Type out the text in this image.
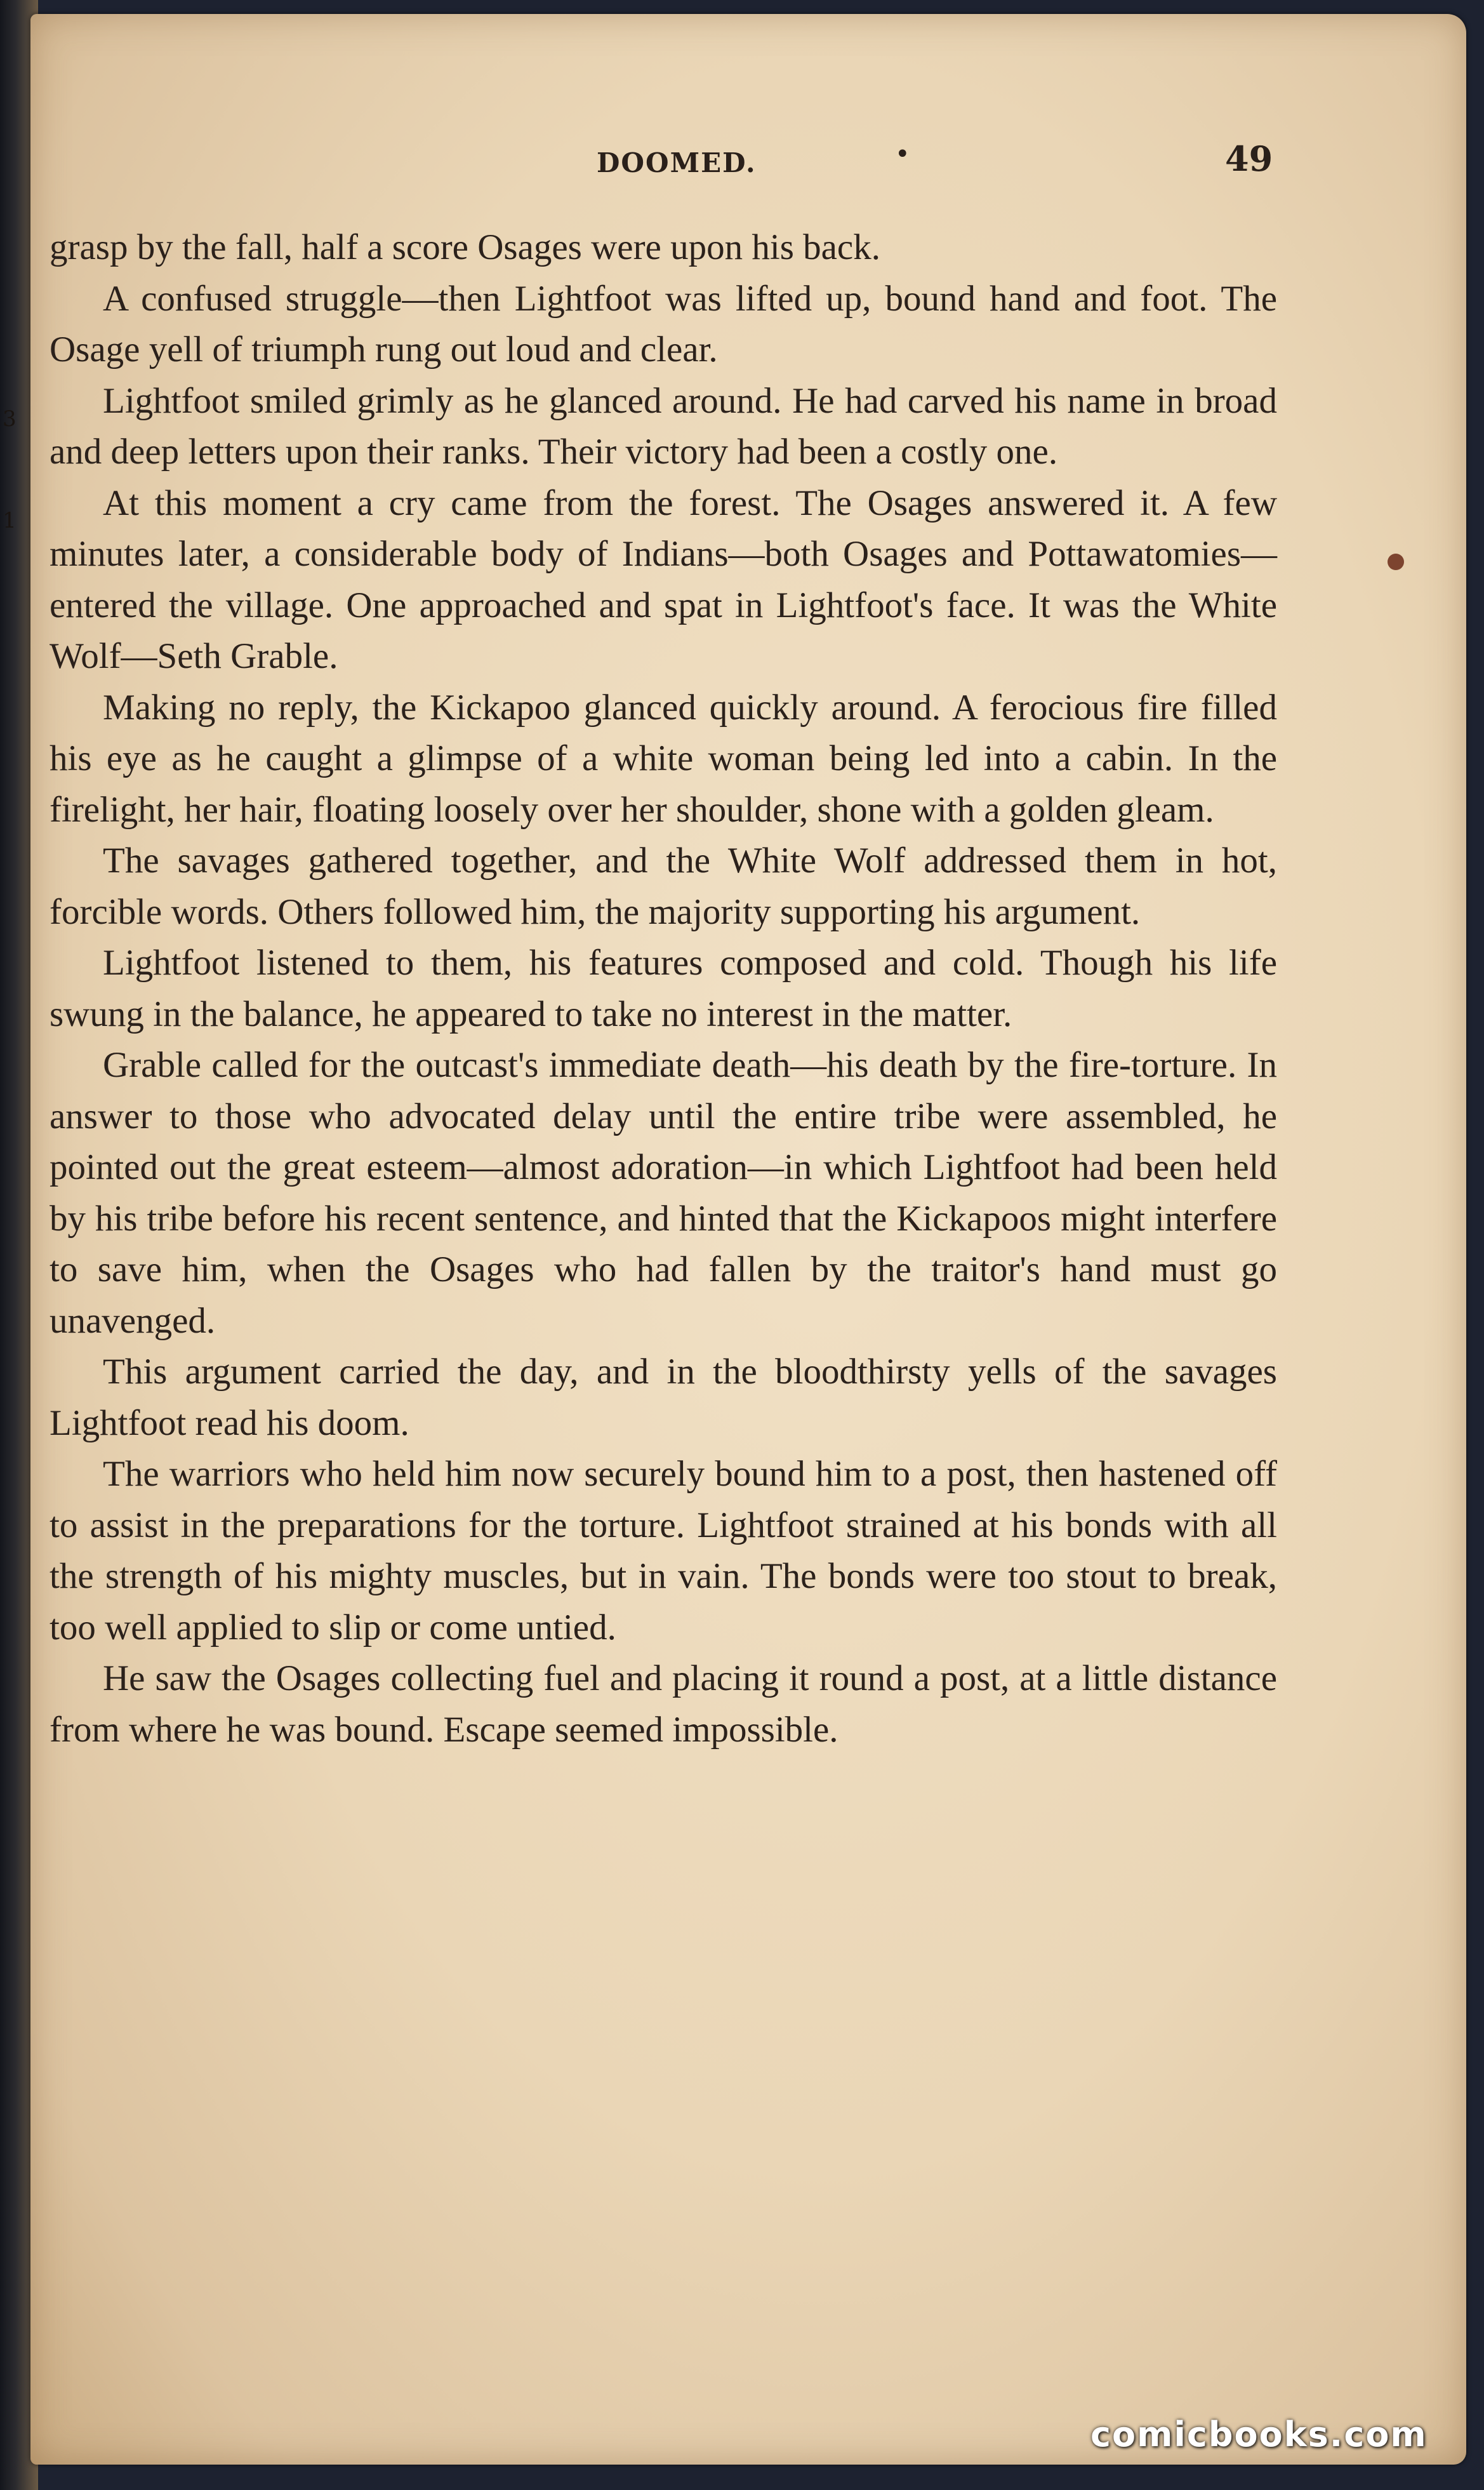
3
1
DOOMED.	•	49

grasp by the fall, half a score Osages were upon his back.

A confused struggle—then Lightfoot was lifted up, bound hand and foot. The Osage yell of triumph rung out loud and clear.

Lightfoot smiled grimly as he glanced around. He had carved his name in broad and deep letters upon their ranks. Their victory had been a costly one.

At this moment a cry came from the forest. The Osages answered it. A few minutes later, a considerable body of Indians—both Osages and Pottawatomies—entered the village. One approached and spat in Lightfoot's face. It was the White Wolf—Seth Grable.

Making no reply, the Kickapoo glanced quickly around. A ferocious fire filled his eye as he caught a glimpse of a white woman being led into a cabin. In the firelight, her hair, floating loosely over her shoulder, shone with a golden gleam.

The savages gathered together, and the White Wolf addressed them in hot, forcible words. Others followed him, the majority supporting his argument.

Lightfoot listened to them, his features composed and cold. Though his life swung in the balance, he appeared to take no interest in the matter.

Grable called for the outcast's immediate death—his death by the fire-torture. In answer to those who advocated delay until the entire tribe were assembled, he pointed out the great esteem—almost adoration—in which Lightfoot had been held by his tribe before his recent sentence, and hinted that the Kickapoos might interfere to save him, when the Osages who had fallen by the traitor's hand must go unavenged.

This argument carried the day, and in the bloodthirsty yells of the savages Lightfoot read his doom.

The warriors who held him now securely bound him to a post, then hastened off to assist in the preparations for the torture. Lightfoot strained at his bonds with all the strength of his mighty muscles, but in vain. The bonds were too stout to break, too well applied to slip or come untied.

He saw the Osages collecting fuel and placing it round a post, at a little distance from where he was bound. Escape seemed impossible.

comicbooks.com
